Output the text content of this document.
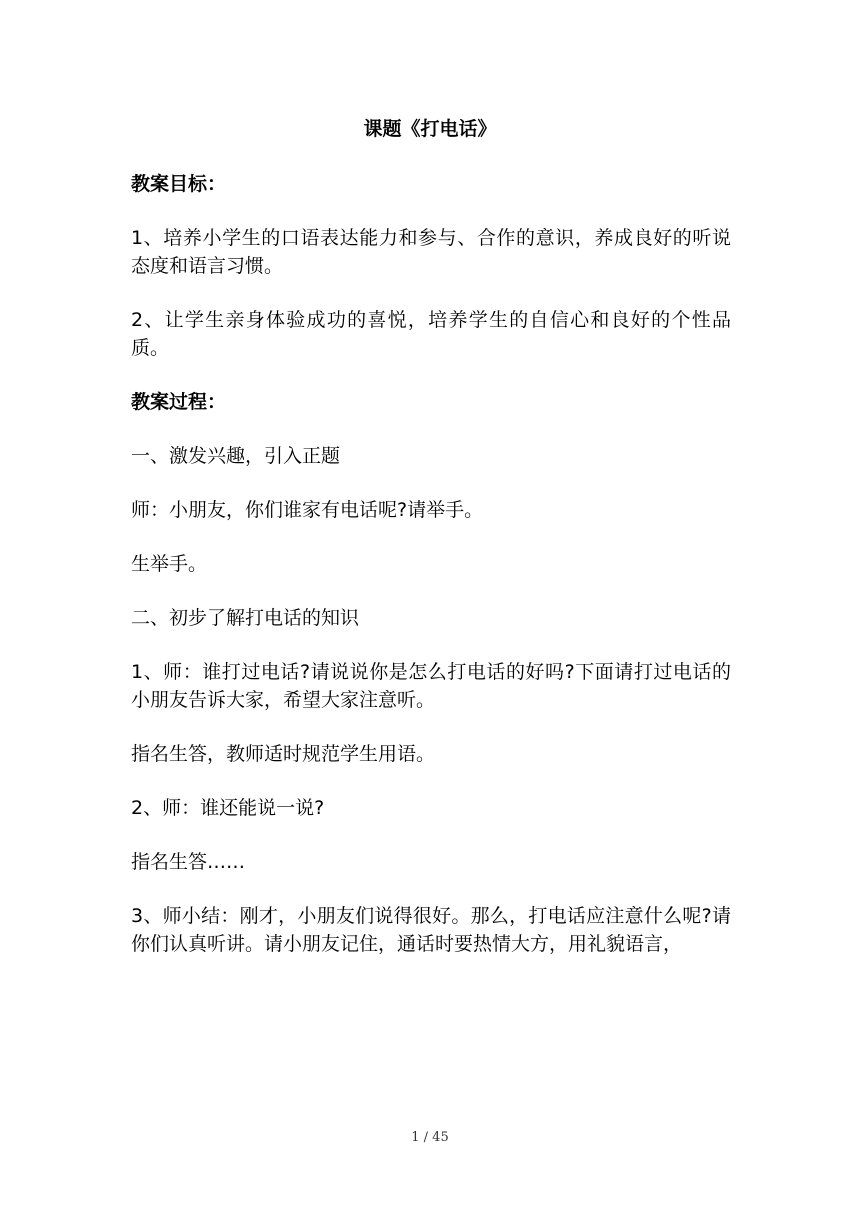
课题《打电话》

教案目标：

1、培养小学生的口语表达能力和参与、合作的意识，养成良好的听说态度和语言习惯。

2、让学生亲身体验成功的喜悦，培养学生的自信心和良好的个性品质。

教案过程：

一、激发兴趣，引入正题

师：小朋友，你们谁家有电话呢?请举手。

生举手。

二、初步了解打电话的知识

1、师：谁打过电话?请说说你是怎么打电话的好吗?下面请打过电话的小朋友告诉大家，希望大家注意听。

指名生答，教师适时规范学生用语。

2、师：谁还能说一说?

指名生答……

3、师小结：刚才，小朋友们说得很好。那么，打电话应注意什么呢?请你们认真听讲。请小朋友记住，通话时要热情大方，用礼貌语言，

1 / 45
